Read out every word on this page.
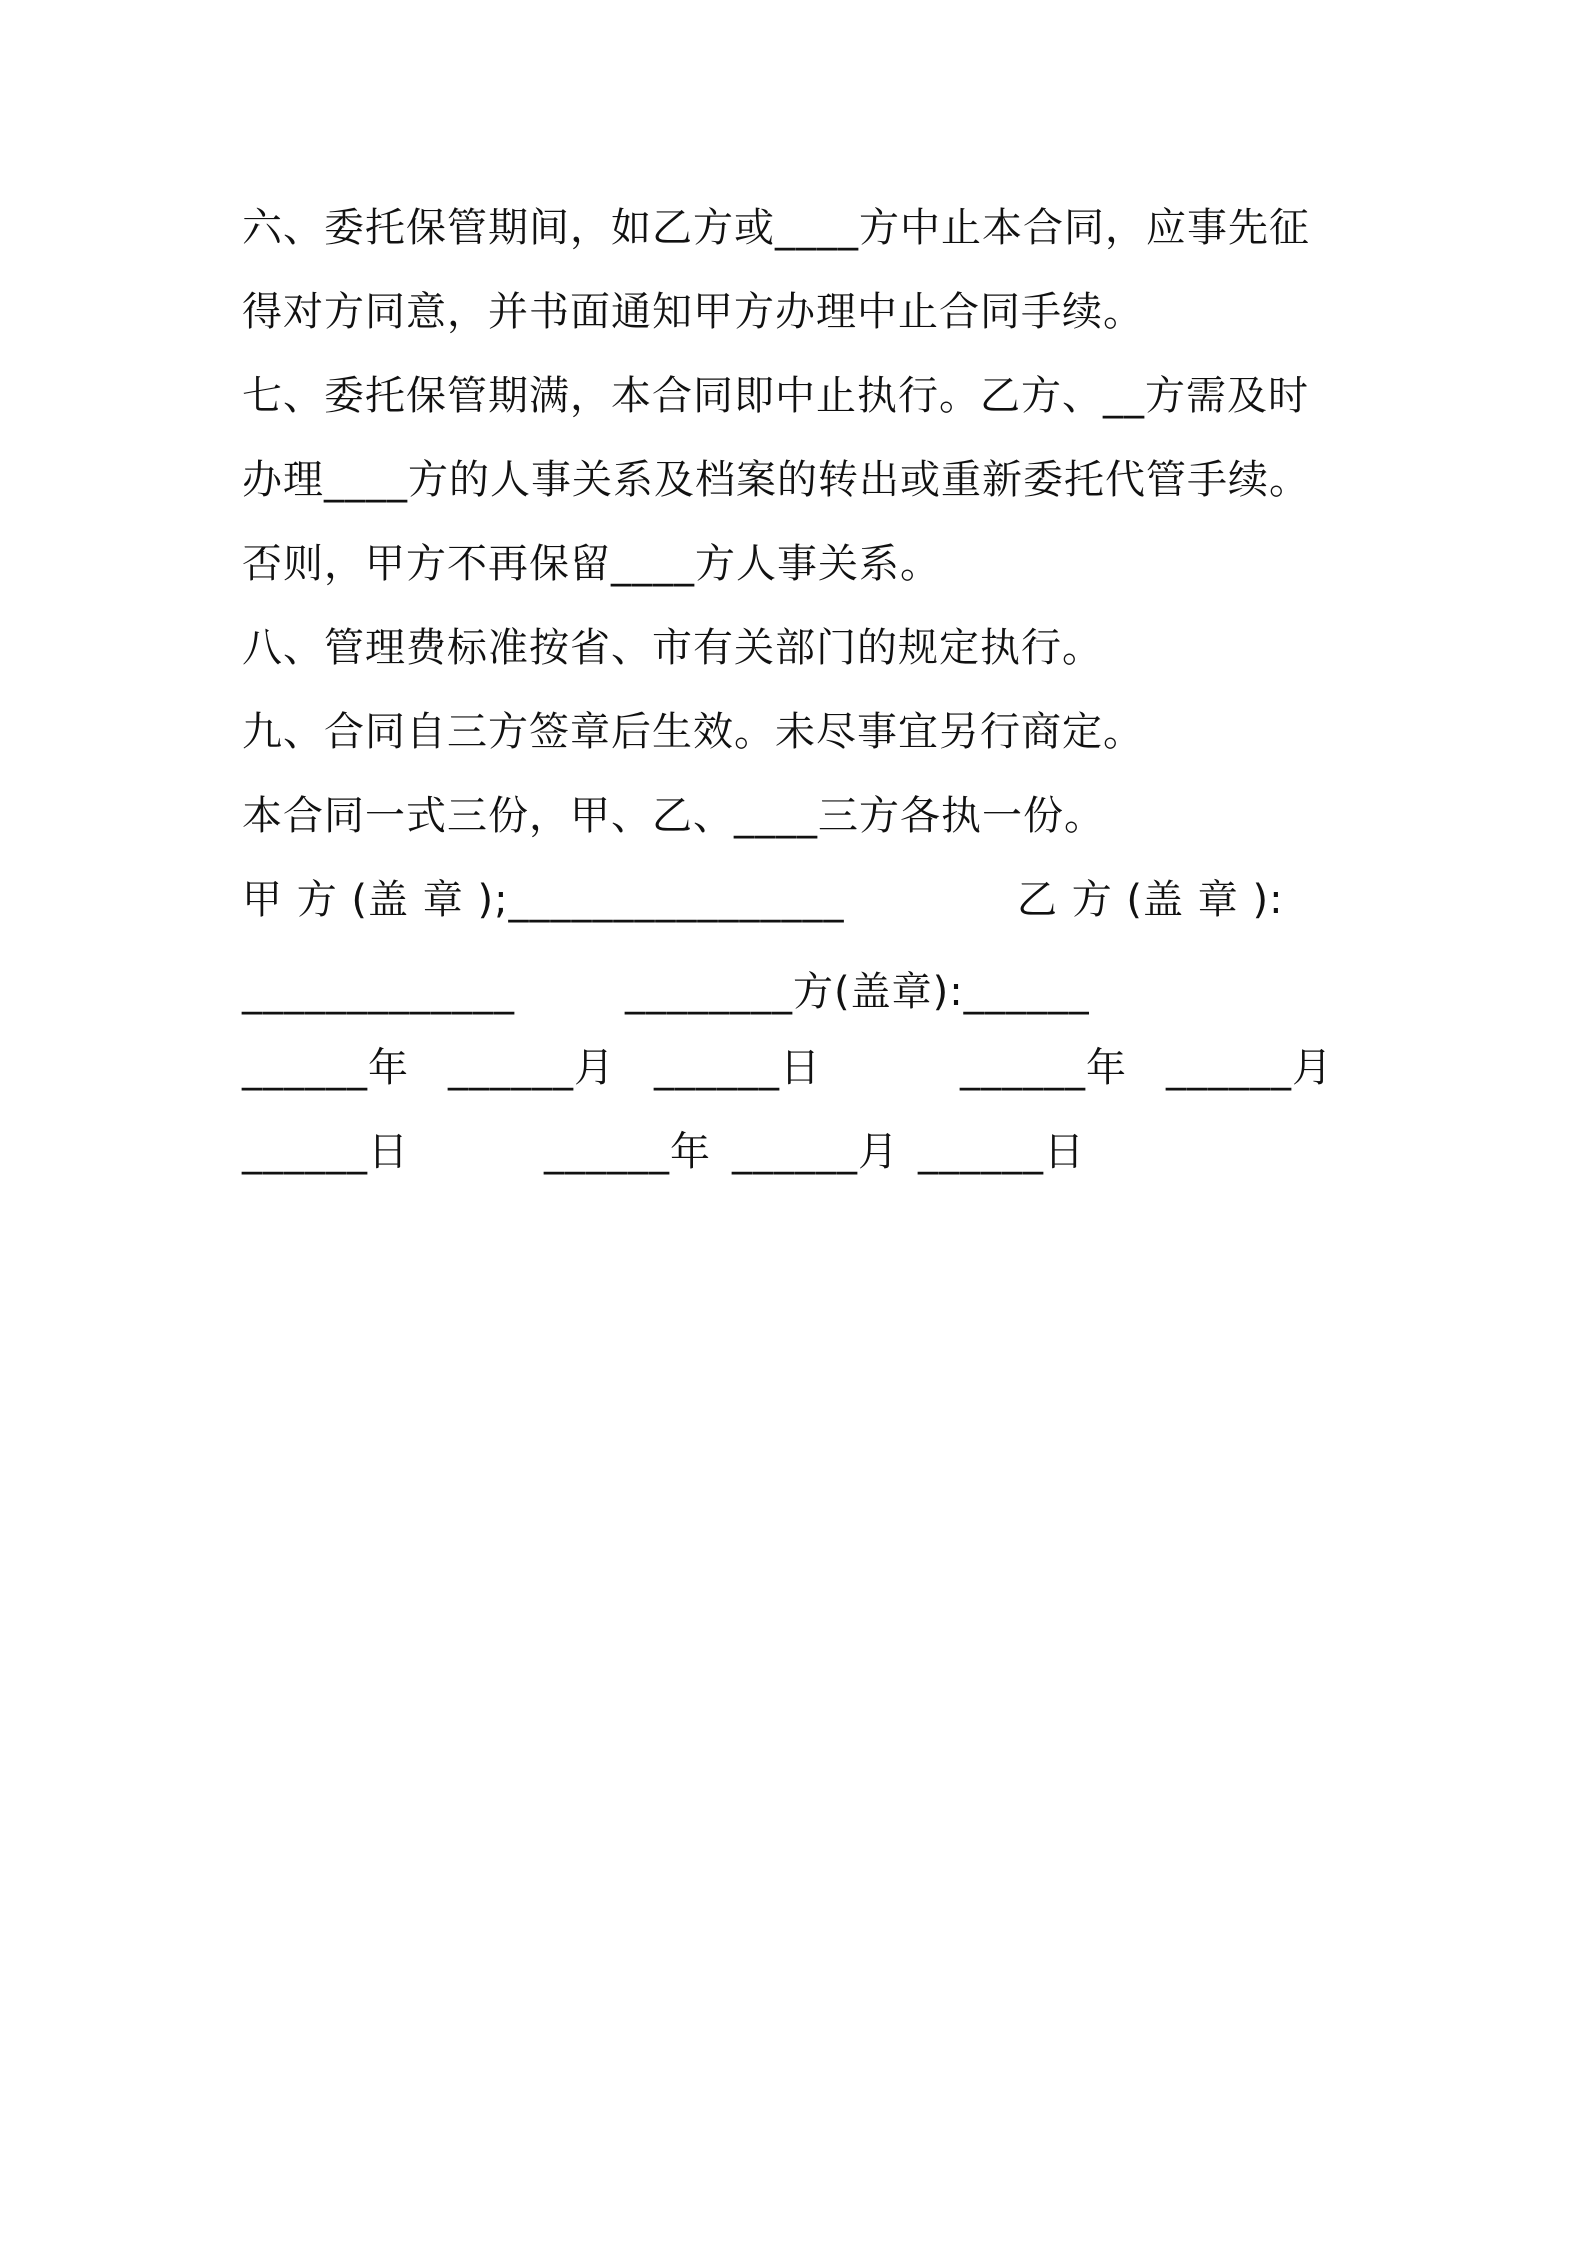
六、委托保管期间，如乙方或____方中止本合同，应事先征

得对方同意，并书面通知甲方办理中止合同手续。

七、委托保管期满，本合同即中止执行。乙方、__方需及时

办理____方的人事关系及档案的转出或重新委托代管手续。

否则，甲方不再保留____方人事关系。

八、管理费标准按省、市有关部门的规定执行。

九、合同自三方签章后生效。未尽事宜另行商定。

本合同一式三份，甲、乙、____三方各执一份。

甲 方 (盖 章 );________________

	乙 方 (盖 章 ):

_____________

	________方(盖章):______

______年

______月

______日

	______年

______月

______日

	______年

______月

______日
